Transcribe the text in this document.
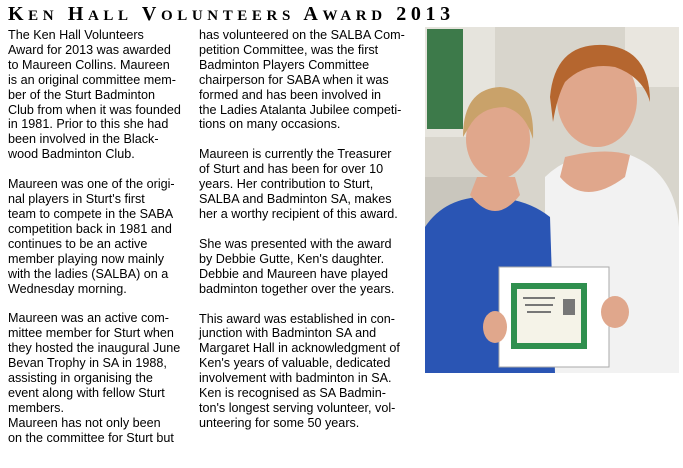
KEN HALL VOLUNTEERS AWARD 2013

The Ken Hall Volunteers
Award for 2013 was awarded
to Maureen Collins. Maureen
is an original committee mem-
ber of the Sturt Badminton
Club from when it was founded
in 1981. Prior to this she had
been involved in the Black-
wood Badminton Club.

Maureen was one of the origi-
nal players in Sturt's first
team to compete in the SABA
competition back in 1981 and
continues to be an active
member playing now mainly
with the ladies (SALBA) on a
Wednesday morning.

Maureen was an active com-
mittee member for Sturt when
they hosted the inaugural June
Bevan Trophy in SA in 1988,
assisting in organising the
event along with fellow Sturt
members.
Maureen has not only been
on the committee for Sturt but

has volunteered on the SALBA Com-
petition Committee, was the first
Badminton Players Committee
chairperson for SABA when it was
formed and has been involved in
the Ladies Atalanta Jubilee competi-
tions on many occasions.

Maureen is currently the Treasurer
of Sturt and has been for over 10
years. Her contribution to Sturt,
SALBA and Badminton SA, makes
her a worthy recipient of this award.

She was presented with the award
by Debbie Gutte, Ken's daughter.
Debbie and Maureen have played
badminton together over the years.

This award was established in con-
junction with Badminton SA and
Margaret Hall in acknowledgment of
Ken's years of valuable, dedicated
involvement with badminton in SA.
Ken is recognised as SA Badmin-
ton's longest serving volunteer, vol-
unteering for some 50 years.
